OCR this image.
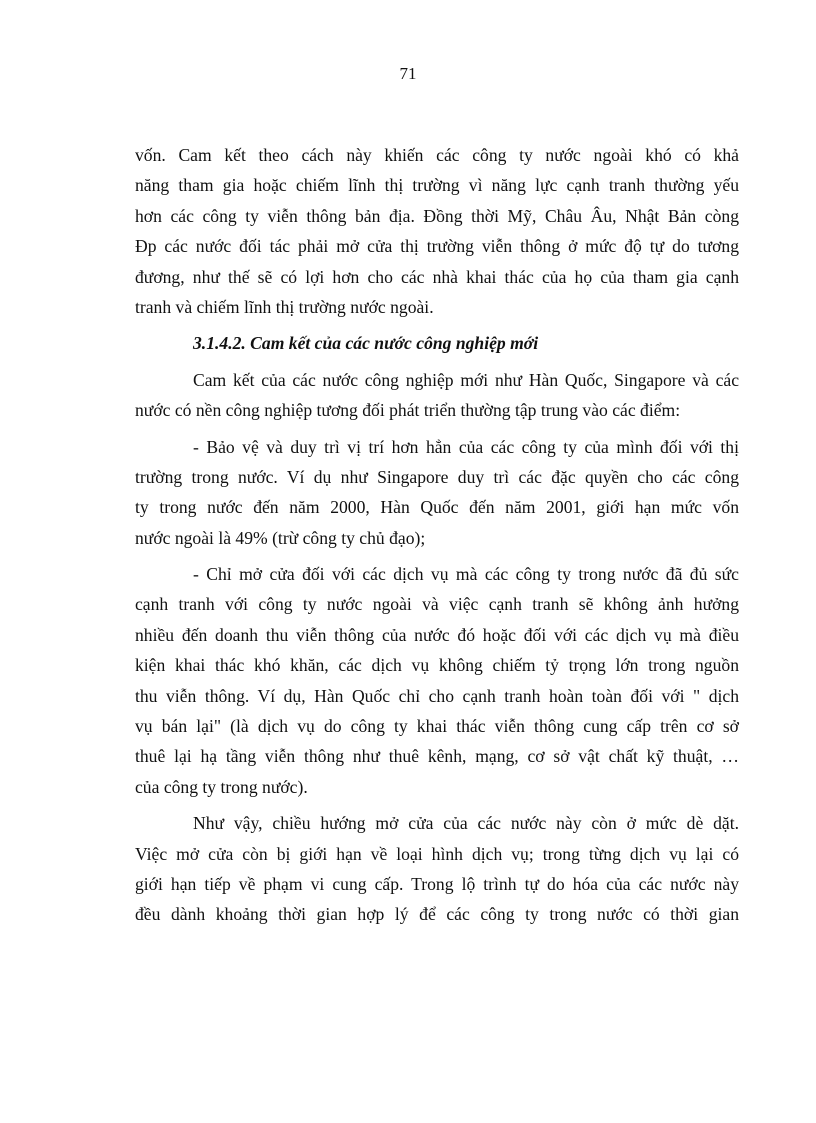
71
vốn. Cam kết theo cách này khiến các công ty nước ngoài khó có khả
năng tham gia hoặc chiếm lĩnh thị trường vì năng lực cạnh tranh thường yếu
hơn các công ty viễn thông bản địa. Đồng thời Mỹ, Châu Âu, Nhật Bản còng
Đp các nước đối tác phải mở cửa thị trường viễn thông ở mức độ tự do tương
đương, như thế sẽ có lợi hơn cho các nhà khai thác của họ của tham gia cạnh
tranh và chiếm lĩnh thị trường nước ngoài.
3.1.4.2. Cam kết của các nước công nghiệp mới
Cam kết của các nước công nghiệp mới như Hàn Quốc, Singapore và các
nước có nền công nghiệp tương đối phát triển thường tập trung vào các điểm:
- Bảo vệ và duy trì vị trí hơn hẳn của các công ty của mình đối với thị
trường trong nước. Ví dụ như Singapore duy trì các đặc quyền cho các công
ty trong nước đến năm 2000, Hàn Quốc đến năm 2001, giới hạn mức vốn
nước ngoài là 49% (trừ công ty chủ đạo);
- Chỉ mở cửa đối với các dịch vụ mà các công ty trong nước đã đủ sức
cạnh tranh với công ty nước ngoài và việc cạnh tranh sẽ không ảnh hưởng
nhiều đến doanh thu viễn thông của nước đó hoặc đối với các dịch vụ mà điều
kiện khai thác khó khăn, các dịch vụ không chiếm tỷ trọng lớn trong nguồn
thu viễn thông. Ví dụ, Hàn Quốc chỉ cho cạnh tranh hoàn toàn đối với " dịch
vụ bán lại" (là dịch vụ do công ty khai thác viễn thông cung cấp trên cơ sở
thuê lại hạ tầng viễn thông như thuê kênh, mạng, cơ sở vật chất kỹ thuật, …
của công ty trong nước).
Như vậy, chiều hướng mở cửa của các nước này còn ở mức dè dặt.
Việc mở cửa còn bị giới hạn về loại hình dịch vụ; trong từng dịch vụ lại có
giới hạn tiếp về phạm vi cung cấp. Trong lộ trình tự do hóa của các nước này
đều dành khoảng thời gian hợp lý để các công ty trong nước có thời gian
